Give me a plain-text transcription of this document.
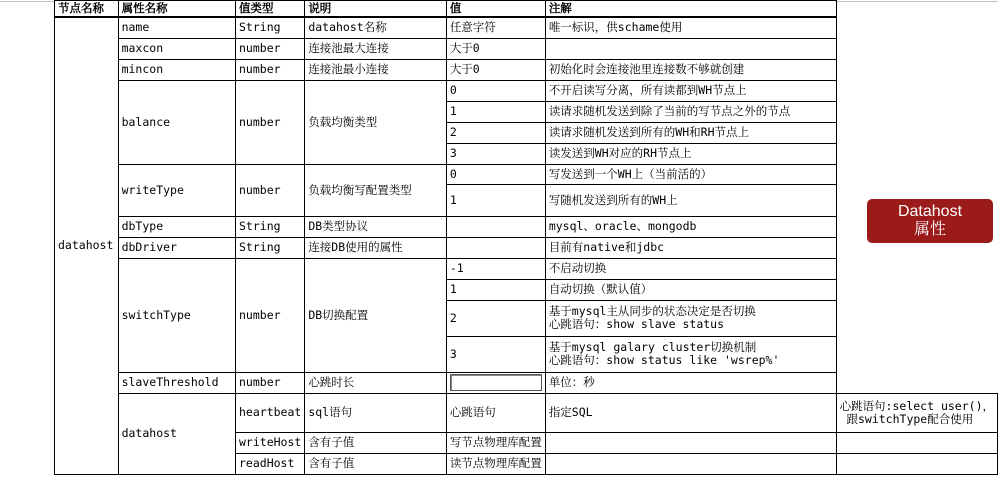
节点名称	属性名称	值类型	说明	值	注解	
datahost	name	String	datahost名称	任意字符	唯一标识，供schame使用	
	maxcon	number	连接池最大连接	大于0		
	mincon	number	连接池最小连接	大于0	初始化时会连接池里连接数不够就创建	
	balance	number	负载均衡类型	0	不开启读写分离，所有读都到WH节点上	
				1	读请求随机发送到除了当前的写节点之外的节点	
				2	读请求随机发送到所有的WH和RH节点上	
				3	读发送到WH对应的RH节点上	
	writeType	number	负载均衡写配置类型	0	写发送到一个WH上（当前活的）	
				1	写随机发送到所有的WH上	
	dbType	String	DB类型协议		mysql、oracle、mongodb	
	dbDriver	String	连接DB使用的属性		目前有native和jdbc	
	switchType	number	DB切换配置	-1	不启动切换	
				1	自动切换（默认值）	
				2	基于mysql主从同步的状态决定是否切换
心跳语句：show slave status	

				3	基于mysql galary cluster切换机制
心跳语句：show status like 'wsrep%'	

	slaveThreshold	number	心跳时长		单位：秒	
	datahost	heartbeat	sql语句	心跳语句	指定SQL	心跳语句:select user()，
跟switchType配合使用

		writeHost	含有子值	写节点物理库配置		
		readHost	含有子值	读节点物理库配置		
Datahost
属性
